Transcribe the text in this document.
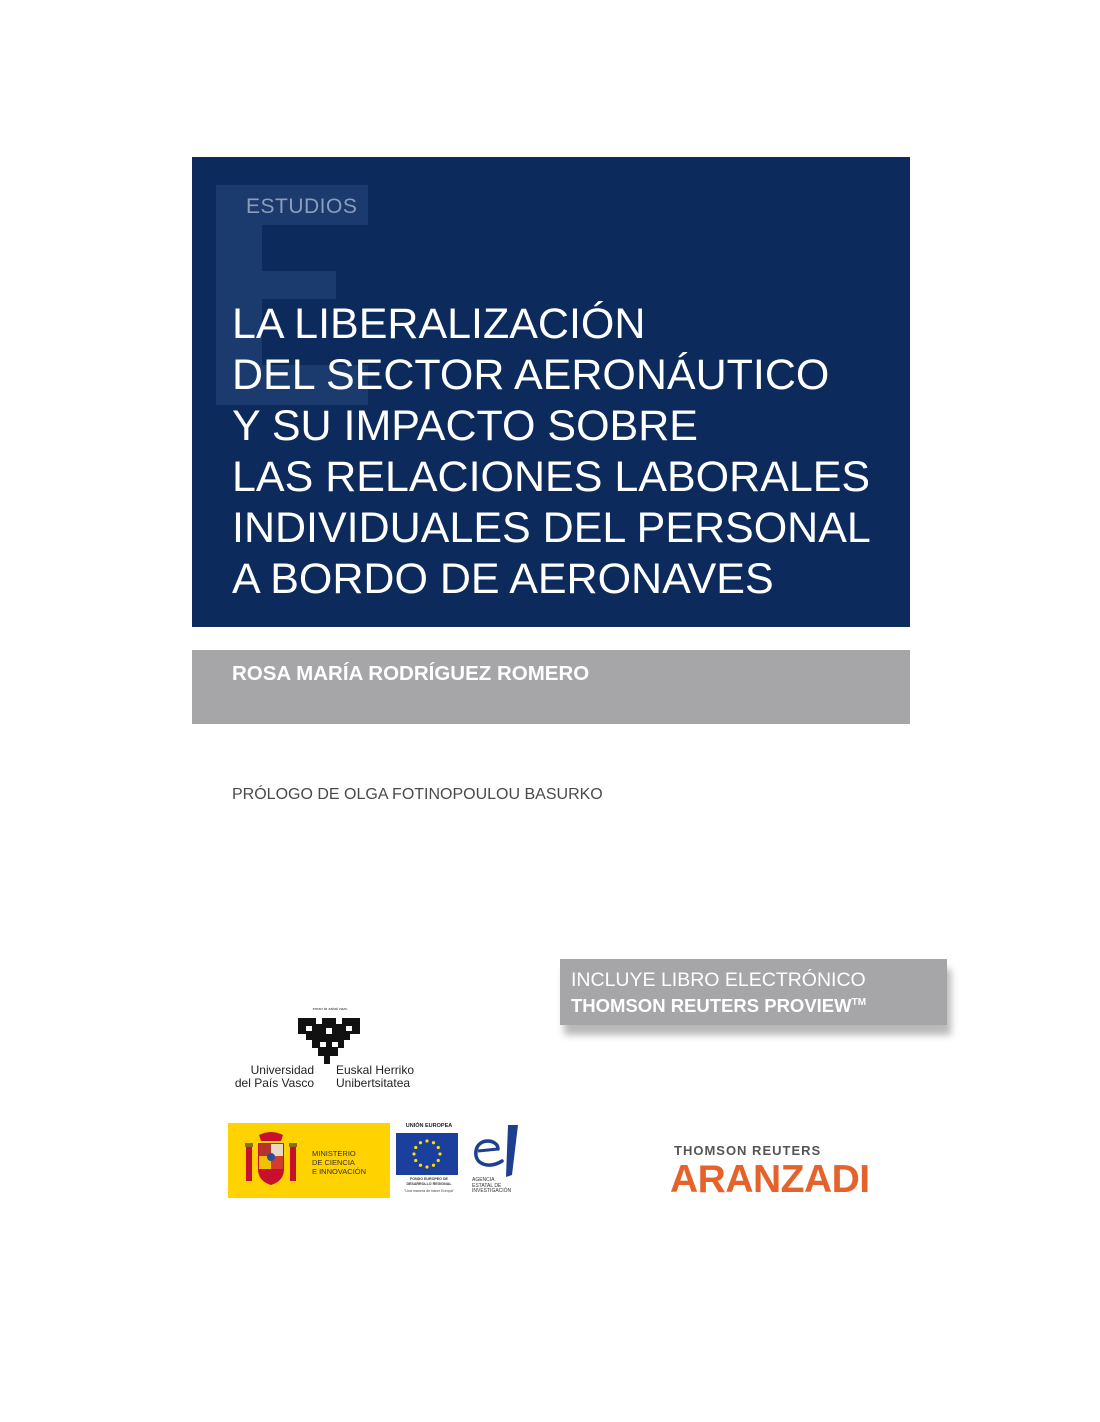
ESTUDIOS
LA LIBERALIZACIÓN
DEL SECTOR AERONÁUTICO
Y SU IMPACTO SOBRE
LAS RELACIONES LABORALES
INDIVIDUALES DEL PERSONAL
A BORDO DE AERONAVES
ROSA MARÍA RODRÍGUEZ ROMERO
PRÓLOGO DE OLGA FOTINOPOULOU BASURKO
INCLUYE LIBRO ELECTRÓNICO
THOMSON REUTERS PROVIEW™
eman ta zabal zazu
Universidad
del País Vasco
Euskal Herriko
Unibertsitatea
MINISTERIO
DE CIENCIA
E INNOVACIÓN
UNIÓN EUROPEA
FONDO EUROPEO DE
DESARROLLO REGIONAL
"Una manera de hacer Europa"
AGENCIA
ESTATAL DE
INVESTIGACIÓN
THOMSON REUTERS
ARANZADI
